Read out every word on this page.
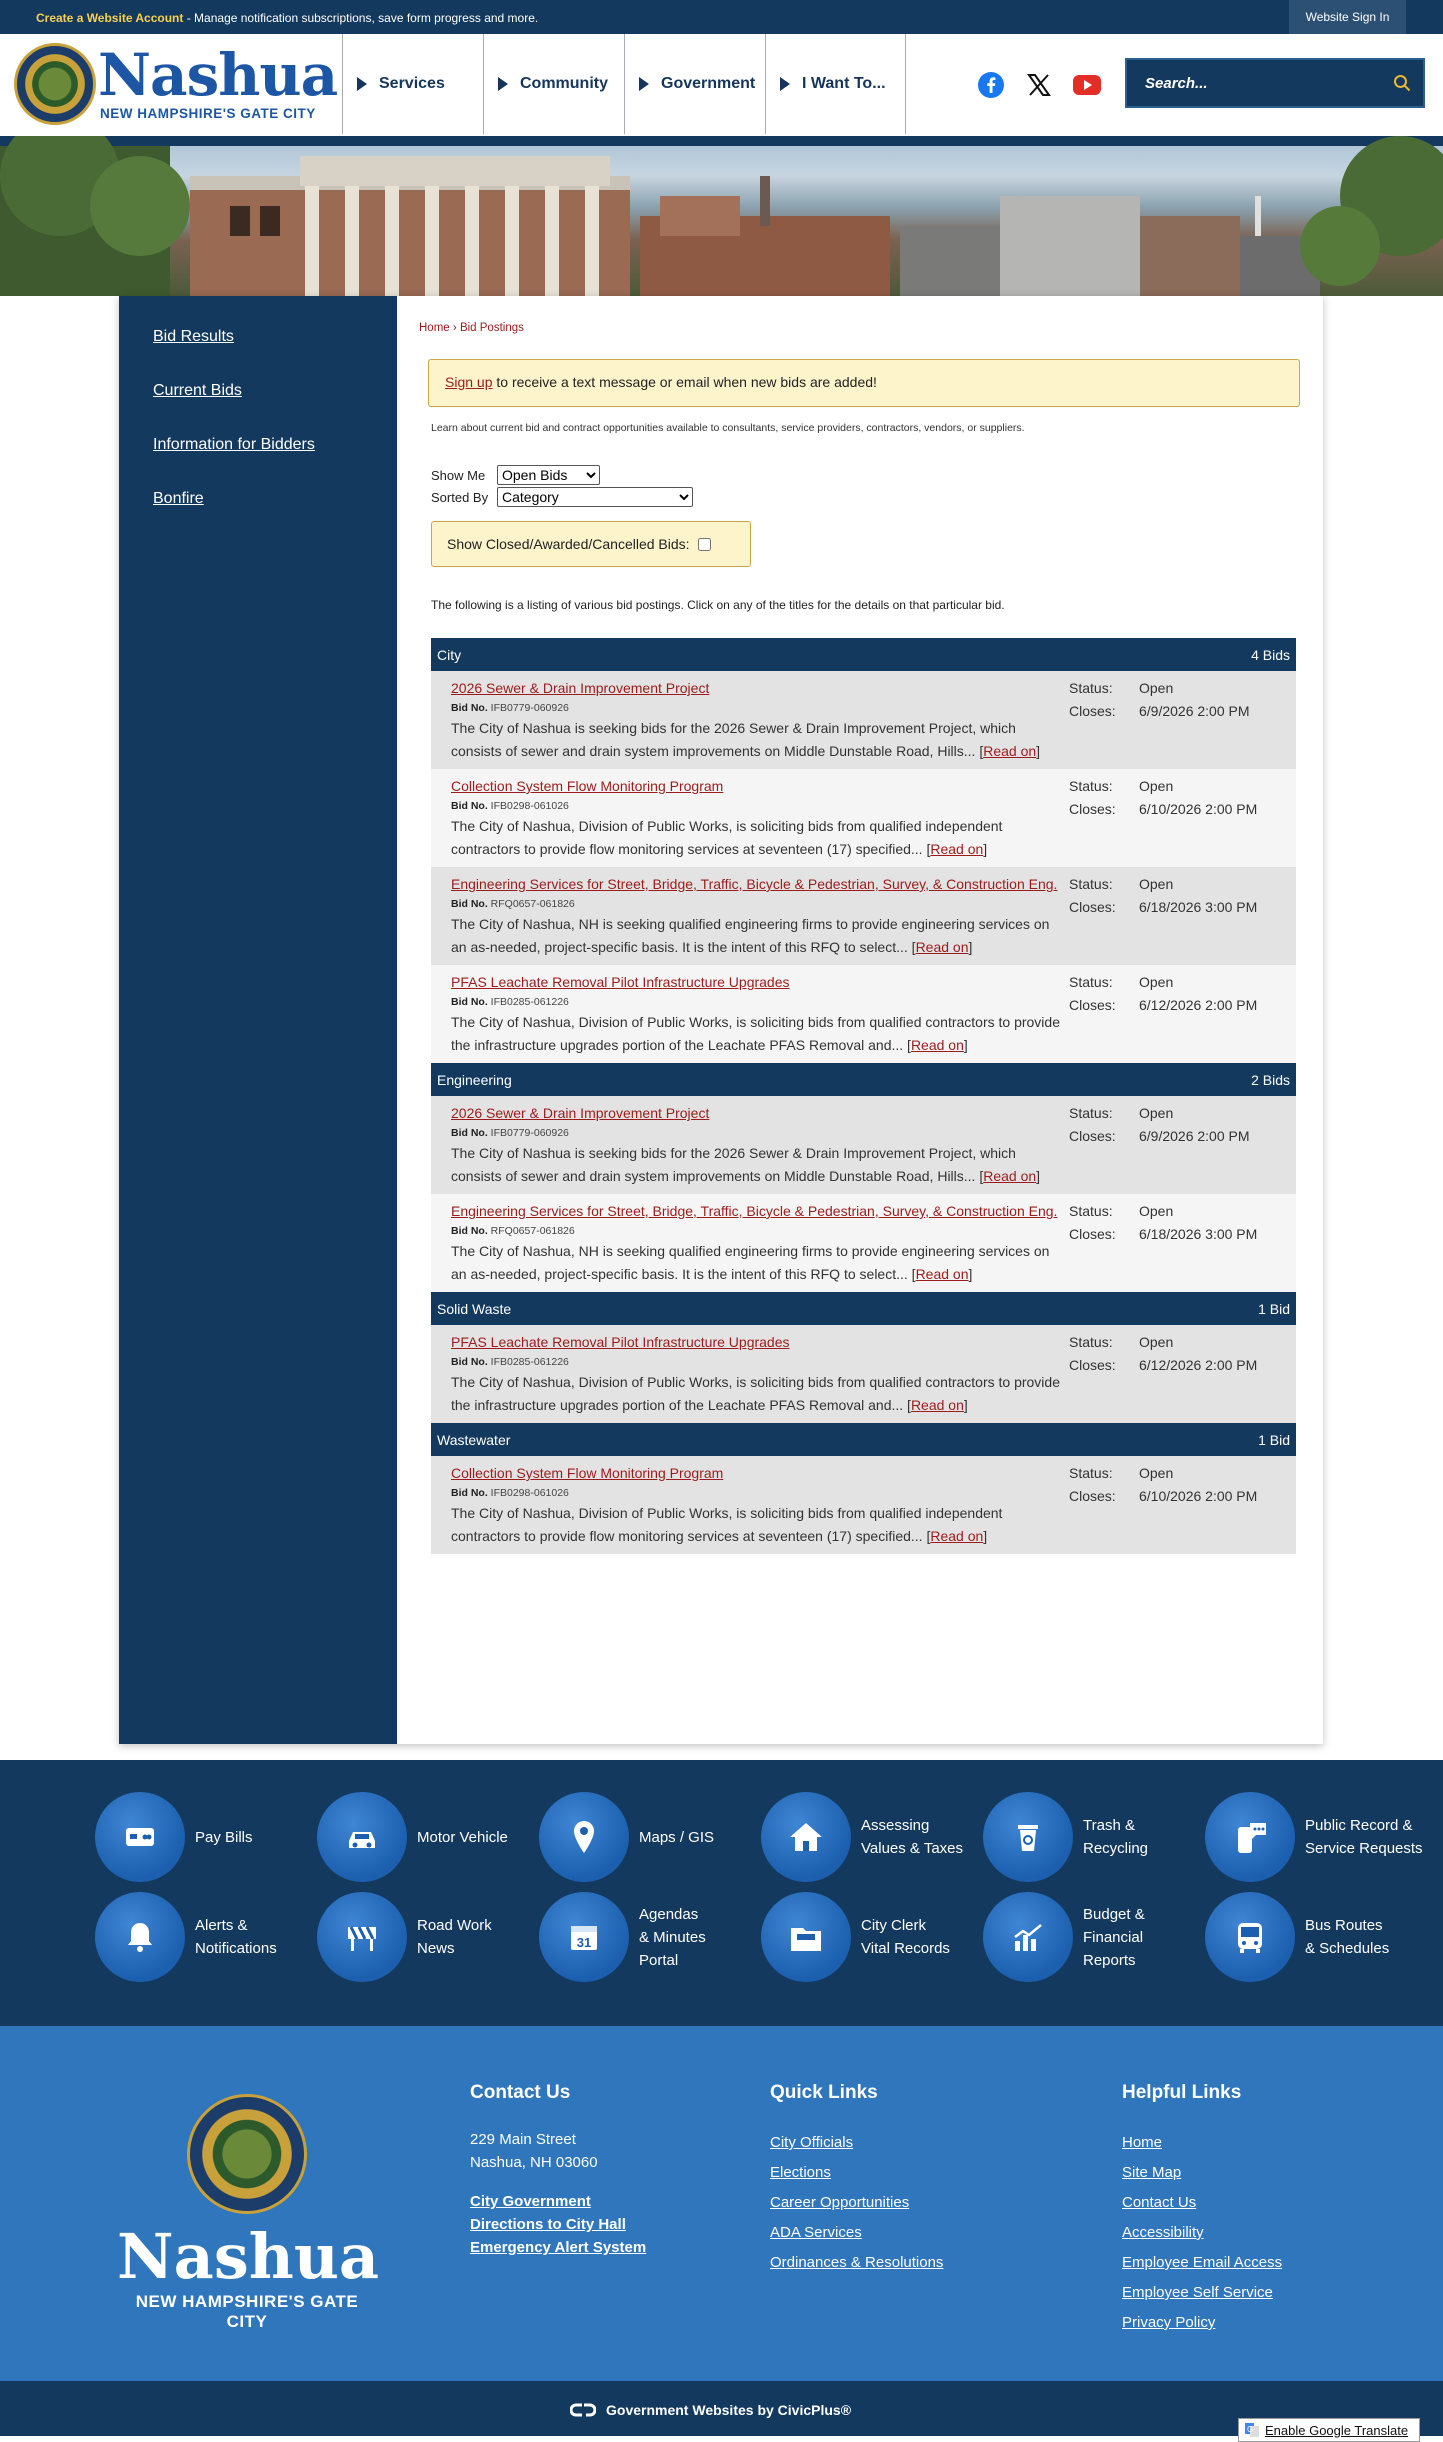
Create a Website Account - Manage notification subscriptions, save form progress and more.	Website Sign In
Nashua
NEW HAMPSHIRE'S GATE CITY
Services	Community	Government	I Want To...
Search...
Bid Results
Current Bids
Information for Bidders
Bonfire
Home › Bid Postings
Sign up to receive a text message or email when new bids are added!
Learn about current bid and contract opportunities available to consultants, service providers, contractors, vendors, or suppliers.
Show Me
Open Bids
Sorted By
Category
Show Closed/Awarded/Cancelled Bids:
The following is a listing of various bid postings. Click on any of the titles for the details on that particular bid.
City	4 Bids
2026 Sewer & Drain Improvement Project
Bid No. IFB0779-060926
The City of Nashua is seeking bids for the 2026 Sewer & Drain Improvement Project, which consists of sewer and drain system improvements on Middle Dunstable Road, Hills... [Read on]
Status: Open
Closes: 6/9/2026 2:00 PM
Collection System Flow Monitoring Program
Bid No. IFB0298-061026
The City of Nashua, Division of Public Works, is soliciting bids from qualified independent contractors to provide flow monitoring services at seventeen (17) specified... [Read on]
Status: Open
Closes: 6/10/2026 2:00 PM
Engineering Services for Street, Bridge, Traffic, Bicycle & Pedestrian, Survey, & Construction Eng.
Bid No. RFQ0657-061826
The City of Nashua, NH is seeking qualified engineering firms to provide engineering services on an as-needed, project-specific basis. It is the intent of this RFQ to select... [Read on]
Status: Open
Closes: 6/18/2026 3:00 PM
PFAS Leachate Removal Pilot Infrastructure Upgrades
Bid No. IFB0285-061226
The City of Nashua, Division of Public Works, is soliciting bids from qualified contractors to provide the infrastructure upgrades portion of the Leachate PFAS Removal and... [Read on]
Status: Open
Closes: 6/12/2026 2:00 PM
Engineering	2 Bids
2026 Sewer & Drain Improvement Project
Bid No. IFB0779-060926
The City of Nashua is seeking bids for the 2026 Sewer & Drain Improvement Project, which consists of sewer and drain system improvements on Middle Dunstable Road, Hills... [Read on]
Status: Open
Closes: 6/9/2026 2:00 PM
Engineering Services for Street, Bridge, Traffic, Bicycle & Pedestrian, Survey, & Construction Eng.
Bid No. RFQ0657-061826
The City of Nashua, NH is seeking qualified engineering firms to provide engineering services on an as-needed, project-specific basis. It is the intent of this RFQ to select... [Read on]
Status: Open
Closes: 6/18/2026 3:00 PM
Solid Waste	1 Bid
PFAS Leachate Removal Pilot Infrastructure Upgrades
Bid No. IFB0285-061226
The City of Nashua, Division of Public Works, is soliciting bids from qualified contractors to provide the infrastructure upgrades portion of the Leachate PFAS Removal and... [Read on]
Status: Open
Closes: 6/12/2026 2:00 PM
Wastewater	1 Bid
Collection System Flow Monitoring Program
Bid No. IFB0298-061026
The City of Nashua, Division of Public Works, is soliciting bids from qualified independent contractors to provide flow monitoring services at seventeen (17) specified... [Read on]
Status: Open
Closes: 6/10/2026 2:00 PM
Pay Bills	Motor Vehicle	Maps / GIS
Assessing
Values & Taxes
Trash &
Recycling
Public Record &
Service Requests
Alerts &
Notifications
Road Work
News	31
Agendas
& Minutes
Portal
City Clerk
Vital Records
Budget &
Financial
Reports
Bus Routes
& Schedules
Nashua
NEW HAMPSHIRE'S GATE CITY
Contact Us
229 Main Street
Nashua, NH 03060
City Government
Directions to City Hall
Emergency Alert System
Quick Links
City Officials
Elections
Career Opportunities
ADA Services
Ordinances & Resolutions
Helpful Links
Home
Site Map
Contact Us
Accessibility
Employee Email Access
Employee Self Service
Privacy Policy
Government Websites by CivicPlus®
G Enable Google Translate
